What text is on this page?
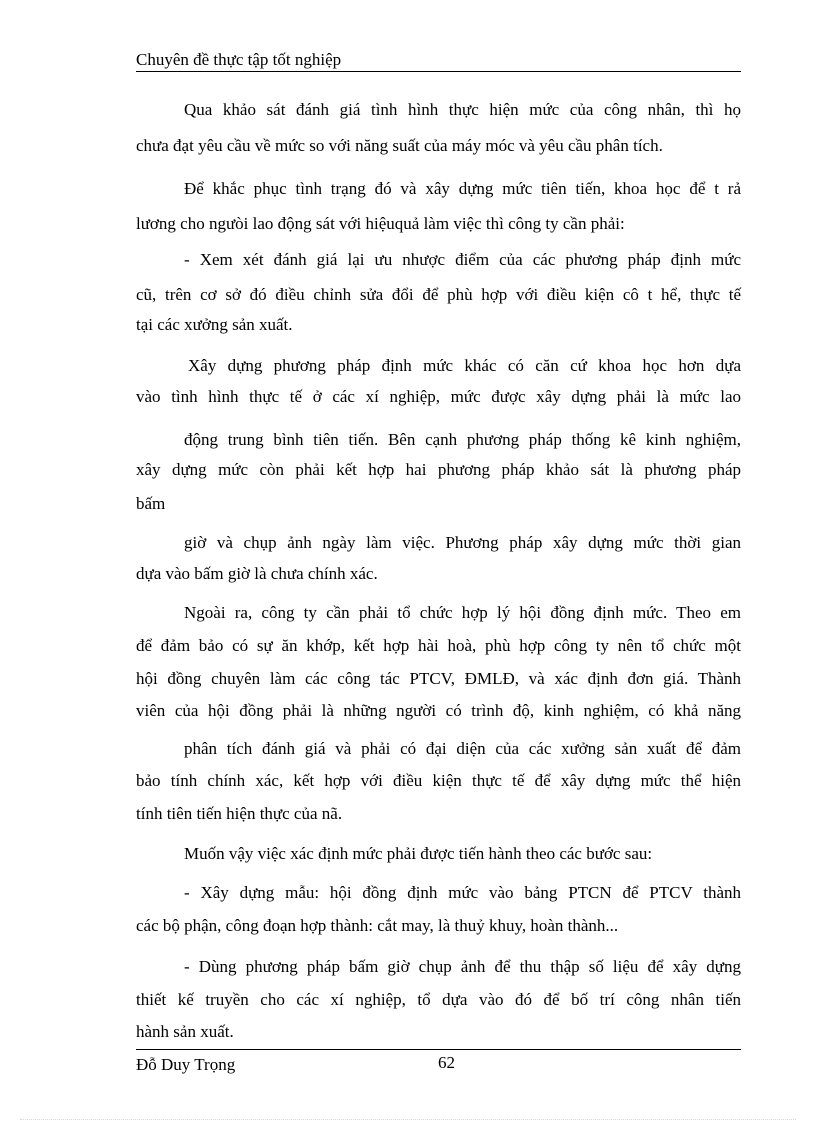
Chuyên đề thực tập tốt nghiệp
Qua khảo sát đánh giá tình hình thực hiện mức của công nhân, thì họ
chưa đạt yêu cầu về mức so với năng suất của máy móc và yêu cầu phân tích.
Để khắc phục tình trạng đó và xây dựng mức tiên tiến, khoa học để t rả
lương cho ngưòi lao động sát với hiệuquả làm việc thì công ty cần phải:
- Xem xét đánh giá lại ưu nhược điểm của các phương pháp định mức
cũ, trên cơ sở đó điều chỉnh sửa đổi để phù hợp với điều kiện cô t hể, thực tế
tại các xưởng sản xuất.
Xây dựng phương pháp định mức khác có căn cứ khoa học hơn dựa
vào tình hình thực tế ở các xí nghiệp, mức được xây dựng phải là mức lao
động trung bình tiên tiến. Bên cạnh phương pháp thống kê kinh nghiệm,
xây dựng mức còn phải kết hợp hai phương pháp khảo sát là phương pháp
bấm
giờ và chụp ảnh ngày làm việc. Phương pháp xây dựng mức thời gian
dựa vào bấm giờ là chưa chính xác.
Ngoài ra, công ty cần phải tổ chức hợp lý hội đồng định mức. Theo em
để đảm bảo có sự ăn khớp, kết hợp hài hoà, phù hợp công ty nên tổ chức một
hội đồng chuyên làm các công tác PTCV, ĐMLĐ, và xác định đơn giá. Thành
viên của hội đồng phải là những người có trình độ, kinh nghiệm, có khả năng
phân tích đánh giá và phải có đại diện của các xưởng sản xuất để đảm
bảo tính chính xác, kết hợp với điều kiện thực tế để xây dựng mức thể hiện
tính tiên tiến hiện thực của nã.
Muốn vậy việc xác định mức phải được tiến hành theo các bước sau:
- Xây dựng mẫu: hội đồng định mức vào bảng PTCN để PTCV thành
các bộ phận, công đoạn hợp thành: cắt may, là thuỷ khuy, hoàn thành...
- Dùng phương pháp bấm giờ chụp ảnh để thu thập số liệu để xây dựng
thiết kế truyền cho các xí nghiệp, tổ dựa vào đó để bố trí công nhân tiến
hành sản xuất.
Đỗ Duy Trọng	62
